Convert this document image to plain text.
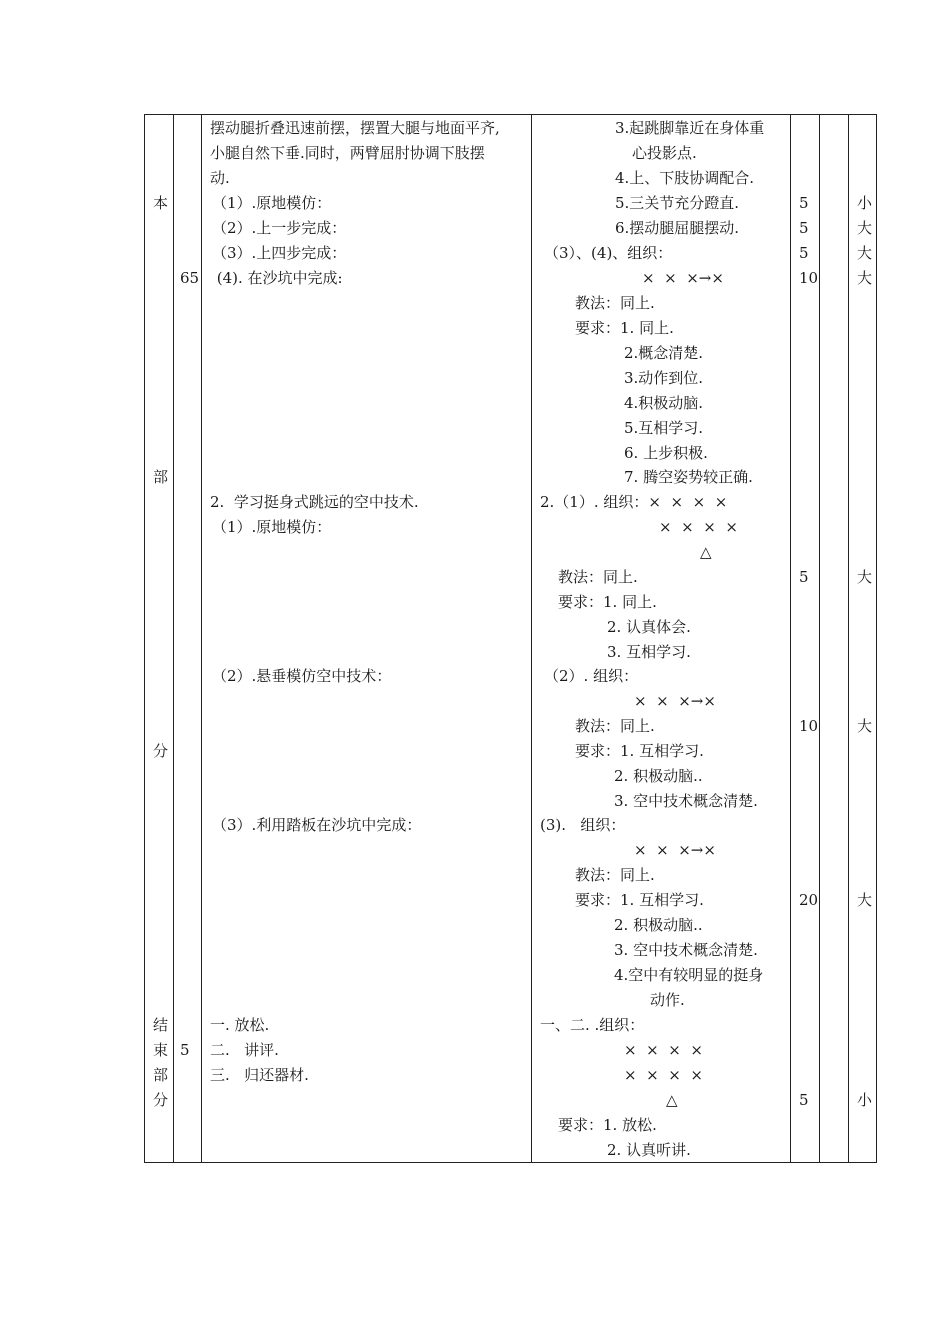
本
部
分
结
束
部
分
65
5
摆动腿折叠迅速前摆，摆置大腿与地面平齐,
小腿自然下垂.同时，两臂屈肘协调下肢摆
动.
（1）.原地模仿：
（2）.上一步完成：
（3）.上四步完成：
(4). 在沙坑中完成:
2.  学习挺身式跳远的空中技术.
（1）.原地模仿：
（2）.悬垂模仿空中技术：
（3）.利用踏板在沙坑中完成：
一. 放松.
二.   讲评.
三.   归还器材.
3.起跳脚靠近在身体重
心投影点.
4.上、下肢协调配合.
5.三关节充分蹬直.
6.摆动腿屈腿摆动.
（3）、(4)、组织：
×  ×  ×→×
教法：同上.
要求：1. 同上.
2.概念清楚.
3.动作到位.
4.积极动脑.
5.互相学习.
6. 上步积极.
7. 腾空姿势较正确.
2.（1）. 组织：×  ×  ×  ×
×  ×  ×  ×
△
教法：同上.
要求：1. 同上.
2. 认真体会.
3. 互相学习.
（2）. 组织：
×  ×  ×→×
教法：同上.
要求：1. 互相学习.
2. 积极动脑..
3. 空中技术概念清楚.
(3).   组织：
×  ×  ×→×
教法：同上.
要求：1. 互相学习.
2. 积极动脑..
3. 空中技术概念清楚.
4.空中有较明显的挺身
动作.
一、二. .组织：
×  ×  ×  ×
×  ×  ×  ×
△
要求：1. 放松.
2. 认真听讲.
5
5
5
10
5
10
20
5
小
大
大
大
大
大
大
小
